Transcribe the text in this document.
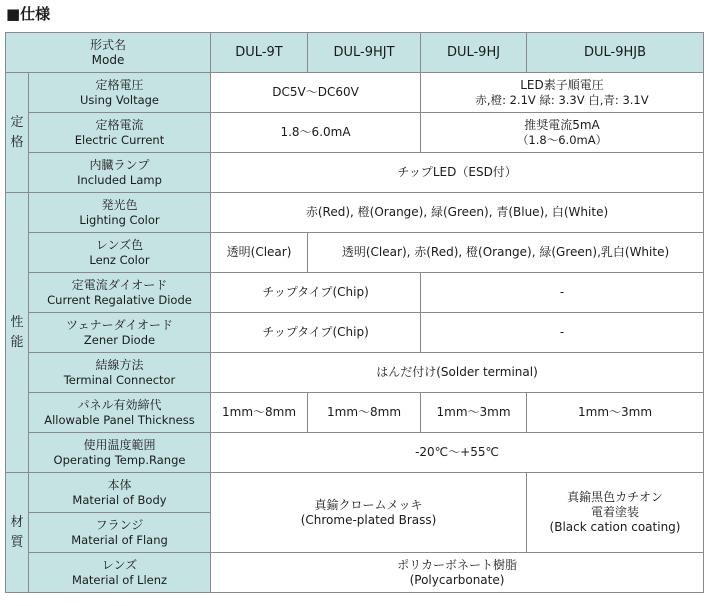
■仕様
形式名
Mode		DUL-9T	DUL-9HJT	DUL-9HJ	DUL-9HJB

定
格	定格電圧
Using Voltage	DC5V～DC60V		LED素子順電圧
赤,橙: 2.1V 緑: 3.3V 白,青: 3.1V	

	定格電流
Electric Current	1.8～6.0mA		推奨電流5mA
（1.8～6.0mA）	

	内臓ランプ
Included Lamp	チップLED（ESD付）			

性
能	発光色
Lighting Color	赤(Red), 橙(Orange), 緑(Green), 青(Blue), 白(White)			

	レンズ色
Lenz Color	透明(Clear)	透明(Clear), 赤(Red), 橙(Orange), 緑(Green),乳白(White)		

	定電流ダイオード
Current Regalative Diode	チップタイプ(Chip)		-	

	ツェナーダイオード
Zener Diode	チップタイプ(Chip)		-	

	結線方法
Terminal Connector	はんだ付け(Solder terminal)			

	パネル有効締代
Allowable Panel Thickness	1mm～8mm	1mm～8mm	1mm～3mm	1mm～3mm

	使用温度範囲
Operating Temp.Range	-20℃～+55℃			

材
質	本体
Material of Body	真鍮クロームメッキ
(Chrome-plated Brass)			真鍮黒色カチオン
電着塗装
(Black cation coating)

	フランジ
Material of Flang				

	レンズ
Material of Llenz	ポリカーボネート樹脂
(Polycarbonate)			
